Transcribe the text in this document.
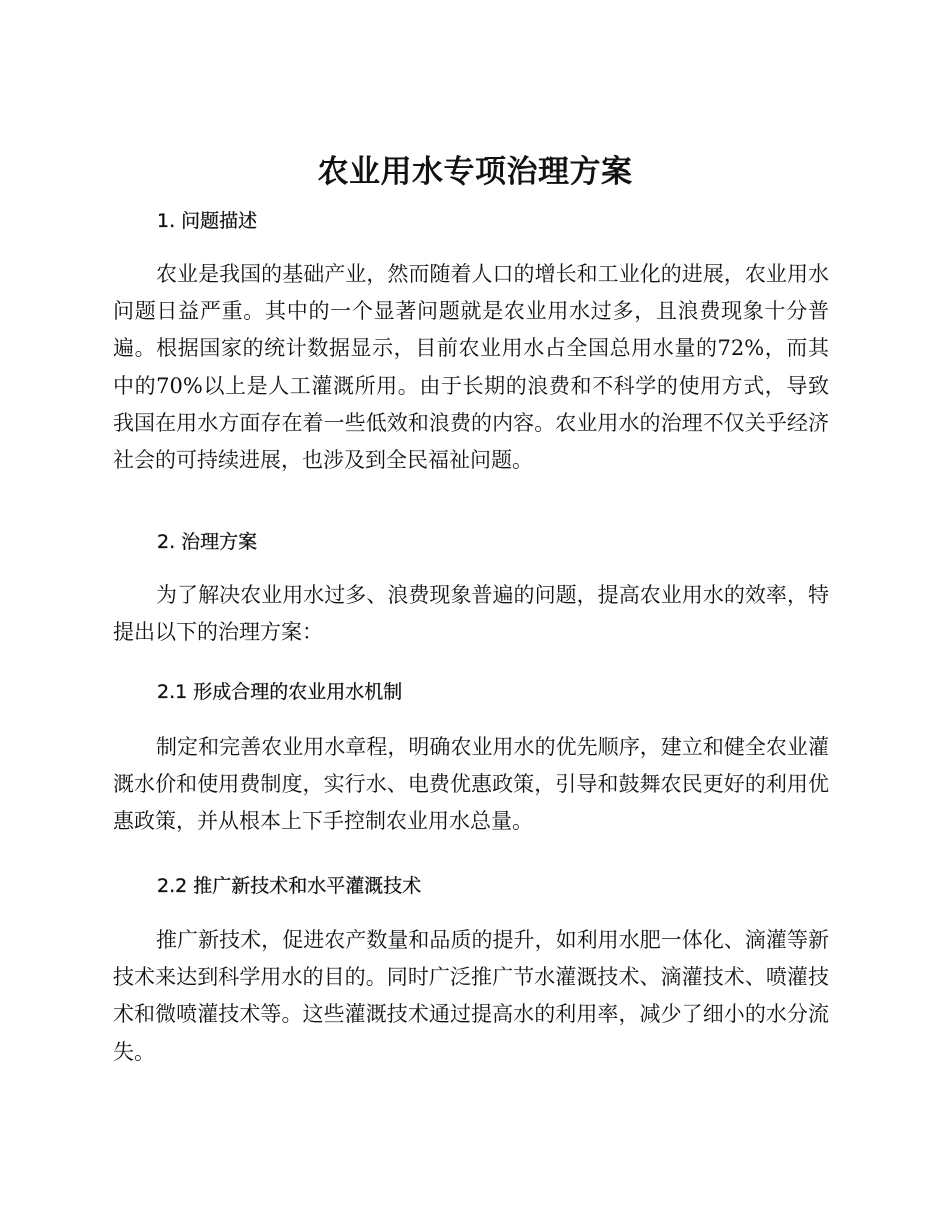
农业用水专项治理方案
1. 问题描述

农业是我国的基础产业，然而随着人口的增长和工业化的进展，农业用水问题日益严重。其中的一个显著问题就是农业用水过多，且浪费现象十分普遍。根据国家的统计数据显示，目前农业用水占全国总用水量的72%，而其中的70%以上是人工灌溉所用。由于长期的浪费和不科学的使用方式，导致我国在用水方面存在着一些低效和浪费的内容。农业用水的治理不仅关乎经济社会的可持续进展，也涉及到全民福祉问题。

2. 治理方案

为了解决农业用水过多、浪费现象普遍的问题，提高农业用水的效率，特提出以下的治理方案：

2.1 形成合理的农业用水机制

制定和完善农业用水章程，明确农业用水的优先顺序，建立和健全农业灌溉水价和使用费制度，实行水、电费优惠政策，引导和鼓舞农民更好的利用优惠政策，并从根本上下手控制农业用水总量。

2.2 推广新技术和水平灌溉技术

推广新技术，促进农产数量和品质的提升，如利用水肥一体化、滴灌等新技术来达到科学用水的目的。同时广泛推广节水灌溉技术、滴灌技术、喷灌技术和微喷灌技术等。这些灌溉技术通过提高水的利用率，减少了细小的水分流失。
